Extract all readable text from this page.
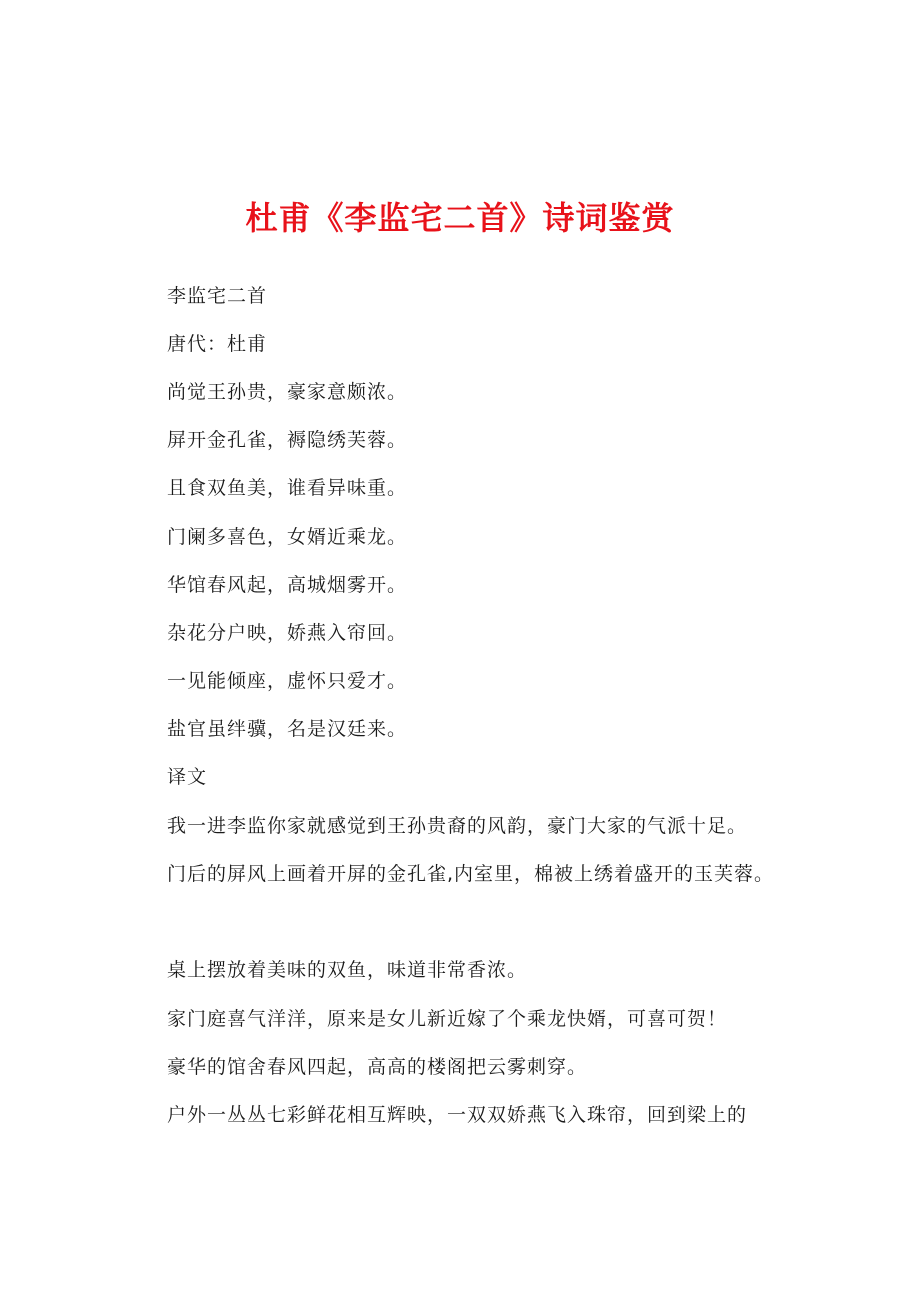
杜甫《李监宅二首》诗词鉴赏
李监宅二首
唐代：杜甫
尚觉王孙贵，豪家意颇浓。
屏开金孔雀，褥隐绣芙蓉。
且食双鱼美，谁看异味重。
门阑多喜色，女婿近乘龙。
华馆春风起，高城烟雾开。
杂花分户映，娇燕入帘回。
一见能倾座，虚怀只爱才。
盐官虽绊骥，名是汉廷来。
译文
我一进李监你家就感觉到王孙贵裔的风韵，豪门大家的气派十足。
门后的屏风上画着开屏的金孔雀,内室里，棉被上绣着盛开的玉芙蓉。
桌上摆放着美味的双鱼，味道非常香浓。
家门庭喜气洋洋，原来是女儿新近嫁了个乘龙快婿，可喜可贺！
豪华的馆舍春风四起，高高的楼阁把云雾刺穿。
户外一丛丛七彩鲜花相互辉映，一双双娇燕飞入珠帘，回到梁上的
